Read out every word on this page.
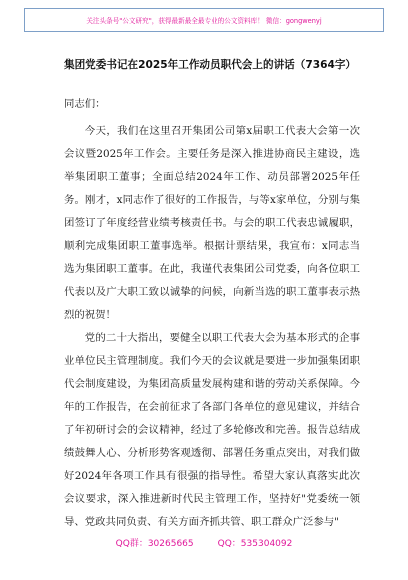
关注头条号"公文研究"，获得最新最全最专业的公文资料库！ 微信：gongwenyj
集团党委书记在2025年工作动员职代会上的讲话（7364字）

同志们：

今天，我们在这里召开集团公司第x届职工代表大会第一次会议暨2025年工作会。主要任务是深入推进协商民主建设，选举集团职工董事；全面总结2024年工作、动员部署2025年任务。刚才，x同志作了很好的工作报告，与等x家单位，分别与集团签订了年度经营业绩考核责任书。与会的职工代表忠诚履职，顺利完成集团职工董事选举。根据计票结果，我宣布：x同志当选为集团职工董事。在此，我谨代表集团公司党委，向各位职工代表以及广大职工致以诚挚的问候，向新当选的职工董事表示热烈的祝贺！

党的二十大指出，要健全以职工代表大会为基本形式的企事业单位民主管理制度。我们今天的会议就是要进一步加强集团职代会制度建设，为集团高质量发展构建和谐的劳动关系保障。今年的工作报告，在会前征求了各部门各单位的意见建议，并结合了年初研讨会的会议精神，经过了多轮修改和完善。报告总结成绩鼓舞人心、分析形势客观透彻、部署任务重点突出，对我们做好2024年各项工作具有很强的指导性。希望大家认真落实此次会议要求，深入推进新时代民主管理工作，坚持好"党委统一领导、党政共同负责、有关方面齐抓共管、职工群众广泛参与"

QQ群：30265665	QQ：535304092
